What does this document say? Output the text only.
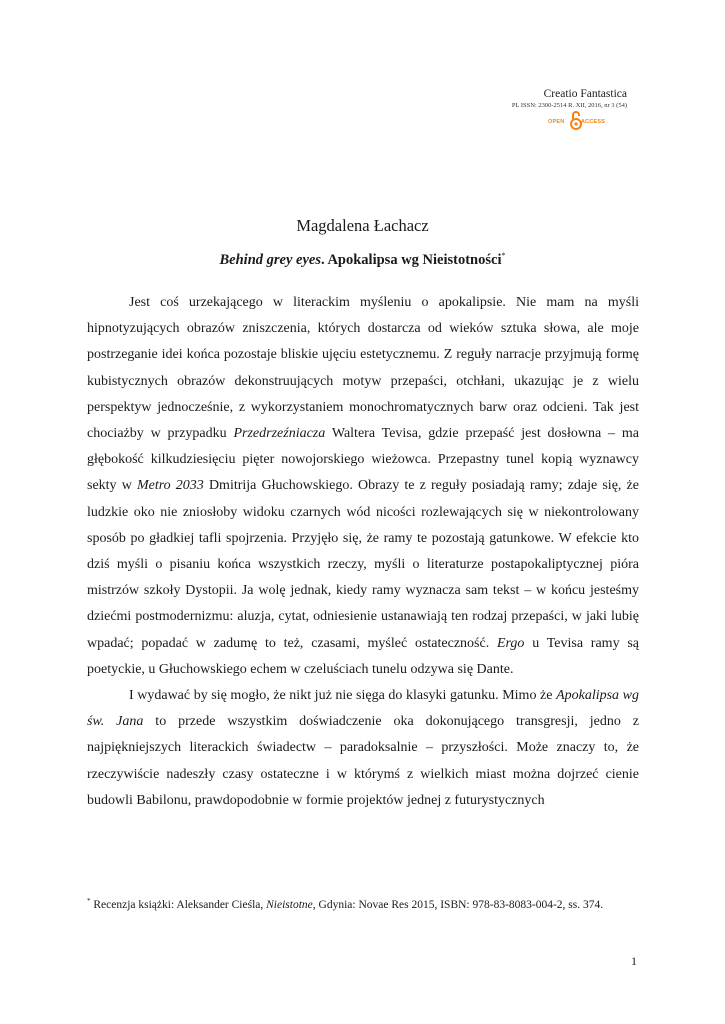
Creatio Fantastica
PL ISSN: 2300-2514 R. XII, 2016, nr 3 (54)
OPEN	ACCESS
Magdalena Łachacz
Behind grey eyes. Apokalipsa wg Nieistotności*

Jest coś urzekającego w literackim myśleniu o apokalipsie. Nie mam na myśli hipnotyzujących obrazów zniszczenia, których dostarcza od wieków sztuka słowa, ale moje postrzeganie idei końca pozostaje bliskie ujęciu estetycznemu. Z reguły narracje przyjmują formę kubistycznych obrazów dekonstruujących motyw przepaści, otchłani, ukazując je z wielu perspektyw jednocześnie, z wykorzystaniem monochromatycznych barw oraz odcieni. Tak jest chociażby w przypadku Przedrzeźniacza Waltera Tevisa, gdzie przepaść jest dosłowna – ma głębokość kilkudziesięciu pięter nowojorskiego wieżowca. Przepastny tunel kopią wyznawcy sekty w Metro 2033 Dmitrija Głuchowskiego. Obrazy te z reguły posiadają ramy; zdaje się, że ludzkie oko nie zniosłoby widoku czarnych wód nicości rozlewających się w niekontrolowany sposób po gładkiej tafli spojrzenia. Przyjęło się, że ramy te pozostają gatunkowe. W efekcie kto dziś myśli o pisaniu końca wszystkich rzeczy, myśli o literaturze postapokaliptycznej pióra mistrzów szkoły Dystopii. Ja wolę jednak, kiedy ramy wyznacza sam tekst – w końcu jesteśmy dziećmi postmodernizmu: aluzja, cytat, odniesienie ustanawiają ten rodzaj przepaści, w jaki lubię wpadać; popadać w zadumę to też, czasami, myśleć ostateczność. Ergo u Tevisa ramy są poetyckie, u Głuchowskiego echem w czeluściach tunelu odzywa się Dante.

I wydawać by się mogło, że nikt już nie sięga do klasyki gatunku. Mimo że Apokalipsa wg św. Jana to przede wszystkim doświadczenie oka dokonującego transgresji, jedno z najpiękniejszych literackich świadectw – paradoksalnie – przyszłości. Może znaczy to, że rzeczywiście nadeszły czasy ostateczne i w którymś z wielkich miast można dojrzeć cienie budowli Babilonu, prawdopodobnie w formie projektów jednej z futurystycznych

* Recenzja książki: Aleksander Cieśla, Nieistotne, Gdynia: Novae Res 2015, ISBN: 978-83-8083-004-2, ss. 374.
1
